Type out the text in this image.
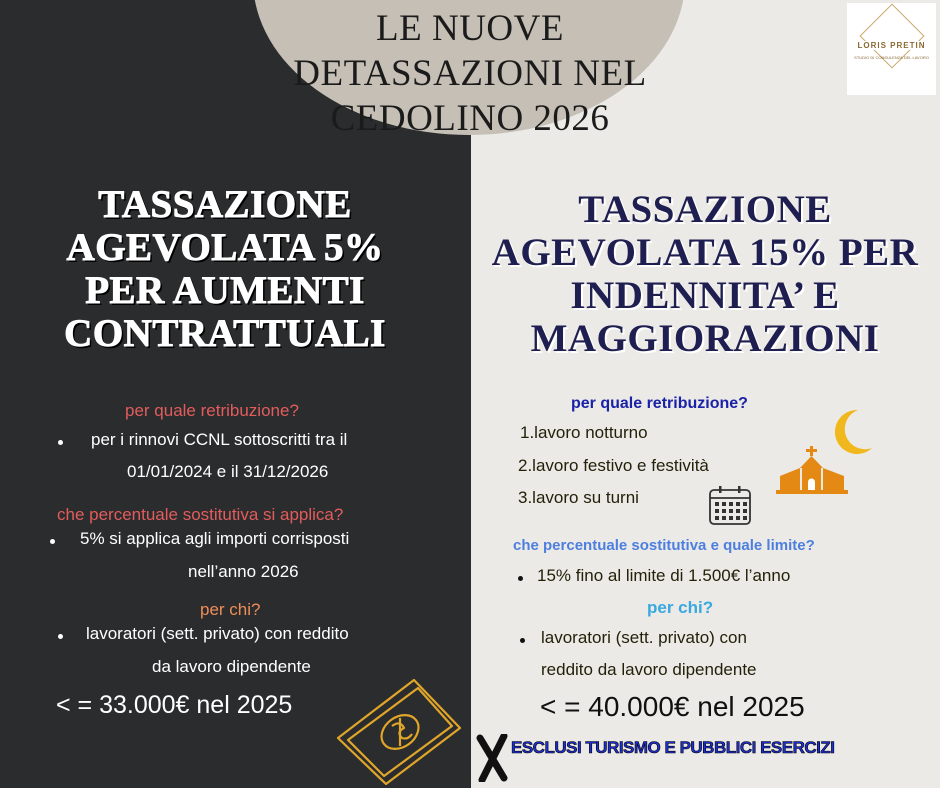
LE NUOVE
DETASSAZIONI NEL
CEDOLINO 2026
LORIS PRETIN
STUDIO DI CONSULENZA DEL LAVORO
TASSAZIONE
AGEVOLATA 5%
PER AUMENTI
CONTRATTUALI
per quale retribuzione?
per i rinnovi CCNL sottoscritti tra il
01/01/2024 e il 31/12/2026
che percentuale sostitutiva si applica?
5% si applica agli importi corrisposti
nell’anno 2026
per chi?
lavoratori (sett. privato) con reddito
da lavoro dipendente
< = 33.000€ nel 2025
TASSAZIONE
AGEVOLATA 15% PER
INDENNITA’ E
MAGGIORAZIONI
per quale retribuzione?
1.lavoro notturno
2.lavoro festivo e festività
3.lavoro su turni
che percentuale sostitutiva e quale limite?
15% fino al limite di 1.500€ l’anno
per chi?
lavoratori (sett. privato) con
reddito da lavoro dipendente
< = 40.000€ nel 2025
ESCLUSI TURISMO E PUBBLICI ESERCIZI
